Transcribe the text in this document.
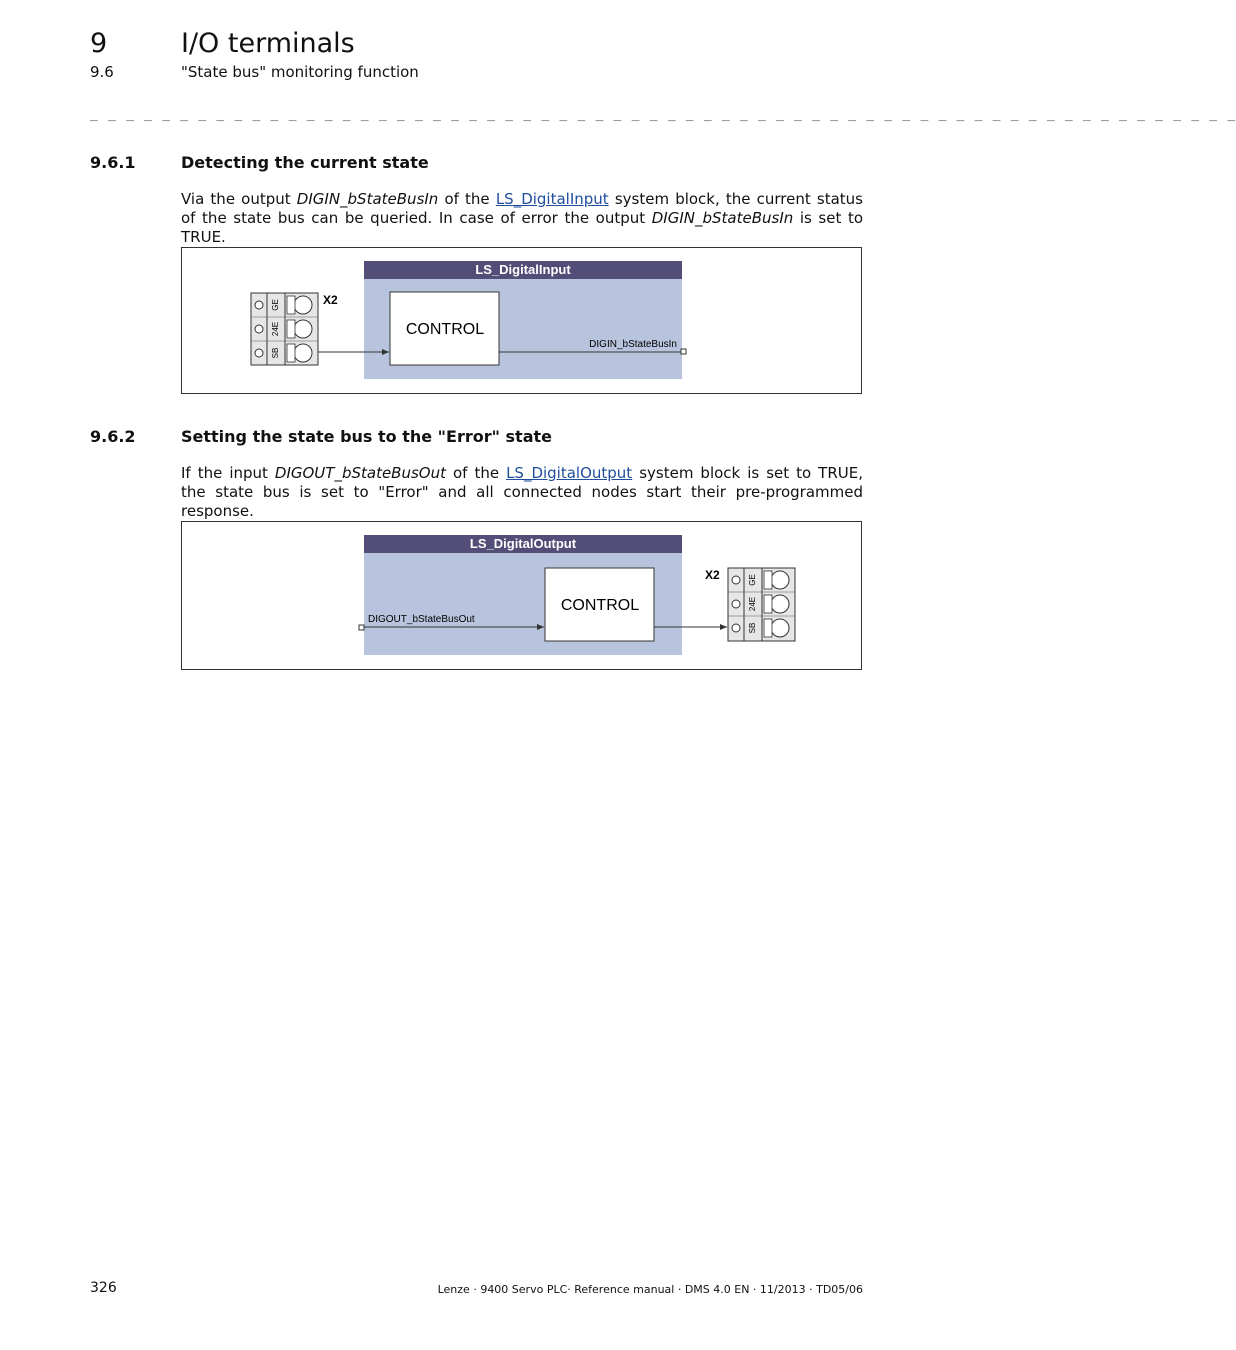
9	I/O terminals
9.6	"State bus" monitoring function
_ _ _ _ _ _ _ _ _ _ _ _ _ _ _ _ _ _ _ _ _ _ _ _ _ _ _ _ _ _ _ _ _ _ _ _ _ _ _ _ _ _ _ _ _ _ _ _ _ _ _ _ _ _ _ _ _ _ _ _ _ _ _ _
9.6.1	Detecting the current state
Via the output DIGIN_bStateBusIn of the LS_DigitalInput system block, the current status of the state bus can be queried. In case of error the output DIGIN_bStateBusIn is set to TRUE.
GE
24E
SB
X2
LS_DigitalInput
CONTROL
DIGIN_bStateBusIn
9.6.2	Setting the state bus to the "Error" state
If the input DIGOUT_bStateBusOut of the LS_DigitalOutput system block is set to TRUE, the state bus is set to "Error" and all connected nodes start their pre-programmed response.
LS_DigitalOutput
CONTROL
DIGOUT_bStateBusOut
GE
24E
SB
X2
326	Lenze · 9400 Servo PLC· Reference manual · DMS 4.0 EN · 11/2013 · TD05/06
